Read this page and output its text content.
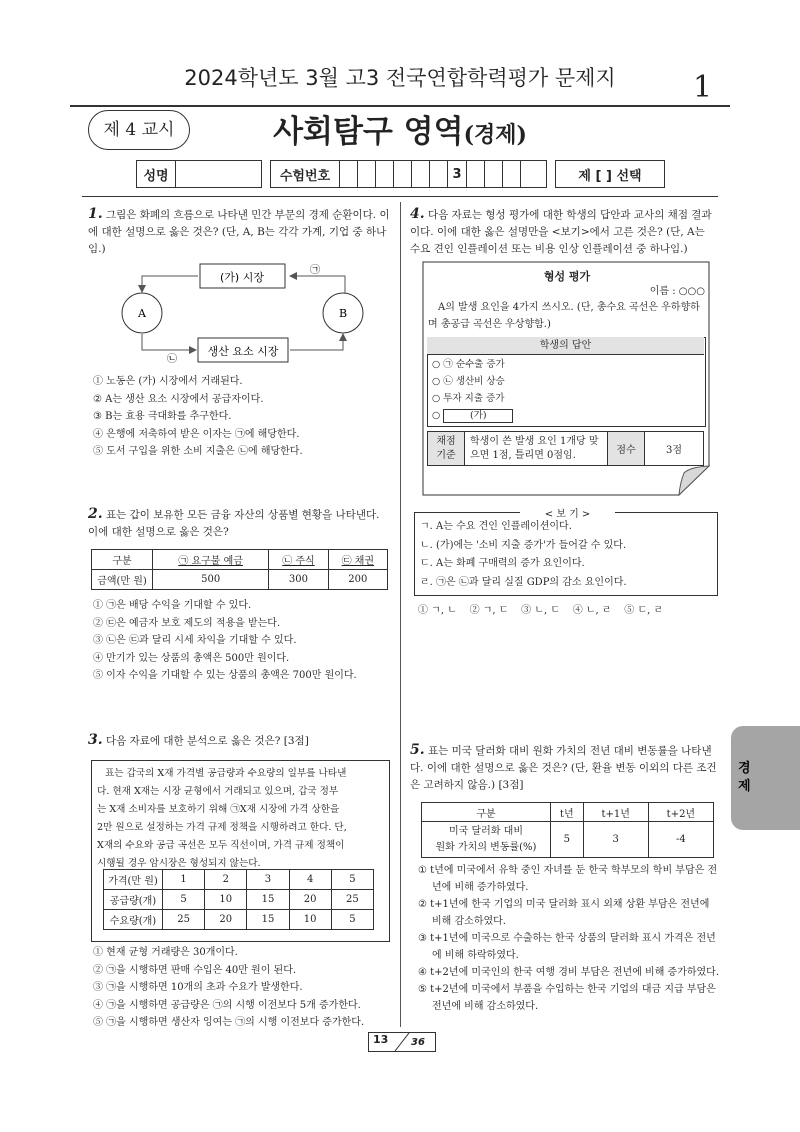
2024학년도 3월 고3 전국연합학력평가 문제지	1
제 4 교시	사회탐구 영역(경제)
성명	수험번호	3	제 [ ] 선택
1. 그림은 화폐의 흐름으로 나타낸 민간 부문의 경제 순환이다. 이에 대한 설명으로 옳은 것은? (단, A, B는 각각 가계, 기업 중 하나임.)
(가) 시장
생산 요소 시장
A	B
㉠
㉡
① 노동은 (가) 시장에서 거래된다.
② A는 생산 요소 시장에서 공급자이다.
③ B는 효용 극대화를 추구한다.
④ 은행에 저축하여 받은 이자는 ㉠에 해당한다.
⑤ 도서 구입을 위한 소비 지출은 ㉡에 해당한다.
2. 표는 갑이 보유한 모든 금융 자산의 상품별 현황을 나타낸다. 이에 대한 설명으로 옳은 것은?
구분	㉠ 요구불 예금	㉡ 주식	㉢ 채권
금액(만 원)	500	300	200
① ㉠은 배당 수익을 기대할 수 있다.
② ㉢은 예금자 보호 제도의 적용을 받는다.
③ ㉡은 ㉢과 달리 시세 차익을 기대할 수 있다.
④ 만기가 있는 상품의 총액은 500만 원이다.
⑤ 이자 수익을 기대할 수 있는 상품의 총액은 700만 원이다.
3. 다음 자료에 대한 분석으로 옳은 것은? [3점]
표는 갑국의 X재 가격별 공급량과 수요량의 일부를 나타낸
다. 현재 X재는 시장 균형에서 거래되고 있으며, 갑국 정부
는 X재 소비자를 보호하기 위해 ㉠X재 시장에 가격 상한을
2만 원으로 설정하는 가격 규제 정책을 시행하려고 한다. 단,
X재의 수요와 공급 곡선은 모두 직선이며, 가격 규제 정책이
시행될 경우 암시장은 형성되지 않는다.
가격(만 원)	1	2	3	4	5
공급량(개)	5	10	15	20	25
수요량(개)	25	20	15	10	5
① 현재 균형 거래량은 30개이다.
② ㉠을 시행하면 판매 수입은 40만 원이 된다.
③ ㉠을 시행하면 10개의 초과 수요가 발생한다.
④ ㉠을 시행하면 공급량은 ㉠의 시행 이전보다 5개 증가한다.
⑤ ㉠을 시행하면 생산자 잉여는 ㉠의 시행 이전보다 증가한다.
4. 다음 자료는 형성 평가에 대한 학생의 답안과 교사의 채점 결과이다. 이에 대한 옳은 설명만을 <보기>에서 고른 것은? (단, A는 수요 견인 인플레이션 또는 비용 인상 인플레이션 중 하나임.)
형성 평가
이름 : ○○○
A의 발생 요인을 4가지 쓰시오. (단, 총수요 곡선은 우하향하며 총공급 곡선은 우상향함.)
학생의 답안
○ ㉠ 순수출 증가
○ ㉡ 생산비 상승
○ 투자 지출 증가
○	(가)
채점 기준	학생이 쓴 발생 요인 1개당 맞으면 1점, 틀리면 0점임.	점수	3점
< 보 기 >
ㄱ. A는 수요 견인 인플레이션이다.
ㄴ. (가)에는 '소비 지출 증가'가 들어갈 수 있다.
ㄷ. A는 화폐 구매력의 증가 요인이다.
ㄹ. ㉠은 ㉡과 달리 실질 GDP의 감소 요인이다.
① ㄱ, ㄴ    ② ㄱ, ㄷ    ③ ㄴ, ㄷ    ④ ㄴ, ㄹ    ⑤ ㄷ, ㄹ
5. 표는 미국 달러화 대비 원화 가치의 전년 대비 변동률을 나타낸다. 이에 대한 설명으로 옳은 것은? (단, 환율 변동 이외의 다른 조건은 고려하지 않음.) [3점]
구분	t년	t+1년	t+2년

미국 달러화 대비
원화 가치의 변동률(%)	5	3	-4
① t년에 미국에서 유학 중인 자녀를 둔 한국 학부모의 학비 부담은 전년에 비해 증가하였다.
② t+1년에 한국 기업의 미국 달러화 표시 외채 상환 부담은 전년에 비해 감소하였다.
③ t+1년에 미국으로 수출하는 한국 상품의 달러화 표시 가격은 전년에 비해 하락하였다.
④ t+2년에 미국인의 한국 여행 경비 부담은 전년에 비해 증가하였다.
⑤ t+2년에 미국에서 부품을 수입하는 한국 기업의 대금 지급 부담은 전년에 비해 감소하였다.
경제
13 36
